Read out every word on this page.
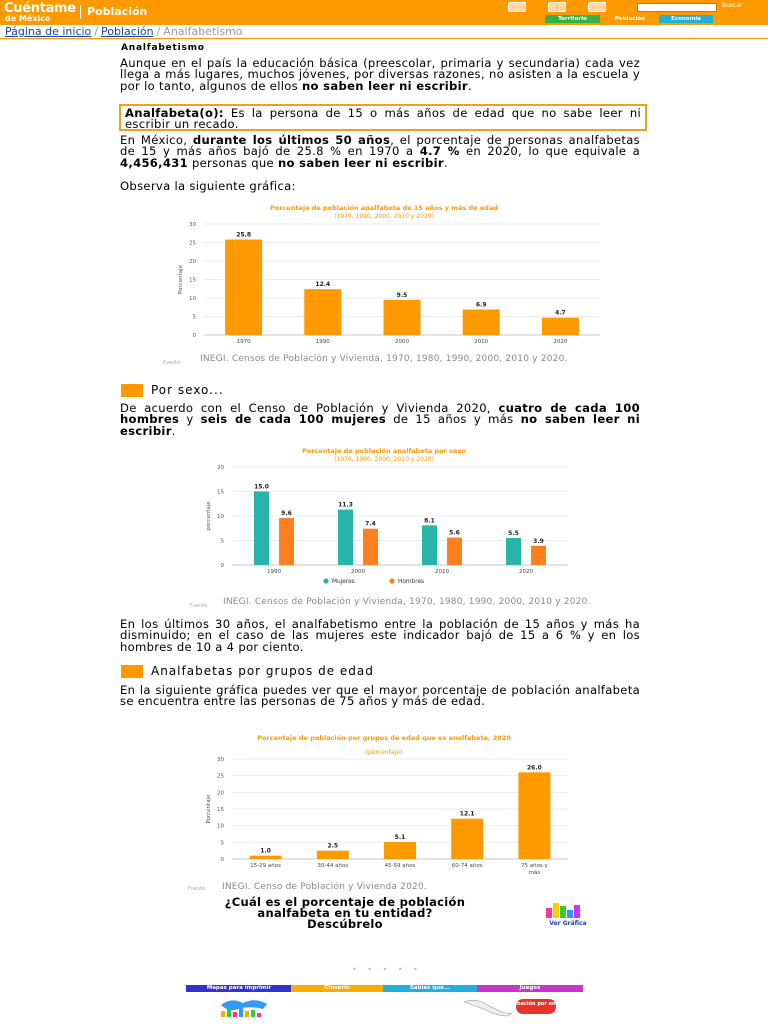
Cuéntame
de México
Población	Buscar
Territorio	Población	Economía
Página de inicio / Población / Analfabetismo
Analfabetismo
Aunque en el país la educación básica (preescolar, primaria y secundaria) cada vez llega a más lugares, muchos jóvenes, por diversas razones, no asisten a la escuela y por lo tanto, algunos de ellos no saben leer ni escribir.
Analfabeta(o): Es la persona de 15 o más años de edad que no sabe leer ni escribir un recado.
En México, durante los últimos 50 años, el porcentaje de personas analfabetas de 15 y más años bajó de 25.8 % en 1970 a 4.7 % en 2020, lo que equivale a 4,456,431 personas que no saben leer ni escribir.
Observa la siguiente gráfica:
Porcentaje de población analfabeta de 15 años y más de edad
(1970, 1990, 2000, 2010 y 2020)
0
5
10
15
20
25
30
Porcentaje
25.8
1970
12.4
1990
9.5
2000
6.9
2010
4.7
2020
Fuente: INEGI. Censos de Población y Vivienda, 1970, 1980, 1990, 2000, 2010 y 2020.
Por sexo...
De acuerdo con el Censo de Población y Vivienda 2020, cuatro de cada 100 hombres y seis de cada 100 mujeres de 15 años y más no saben leer ni escribir.
Porcentaje de población analfabeta por sexo
(1970, 1990, 2000, 2010 y 2020)
0
5
10
15
20
porcentaje
15.0
9.6
1990
11.3
7.4
2000
8.1
5.6
2010
5.5
3.9
2020
Mujeres	Hombres
Fuente: INEGI. Censos de Población y Vivienda, 1970, 1980, 1990, 2000, 2010 y 2020.
En los últimos 30 años, el analfabetismo entre la población de 15 años y más ha disminuido; en el caso de las mujeres este indicador bajó de 15 a 6 % y en los hombres de 10 a 4 por ciento.
Analfabetas por grupos de edad
En la siguiente gráfica puedes ver que el mayor porcentaje de población analfabeta se encuentra entre las personas de 75 años y más de edad.
Porcentaje de población por grupos de edad que es analfabeta, 2020
(porcentaje)
0
5
10
15
20
25
30
Porcentaje
1.0
15-29 años
2.5
30-44 años
5.1
45-59 años
12.1
60-74 años
26.0
75 años y
más
Fuente: INEGI. Censo de Población y Vivienda 2020.
¿Cuál es el porcentaje de población
analfabeta en tu entidad?
Descúbrelo	Ver Gráfica
• • • • •
Mapas para imprimir	Glosario	Sabías que...	Juegos
Información por entidad
